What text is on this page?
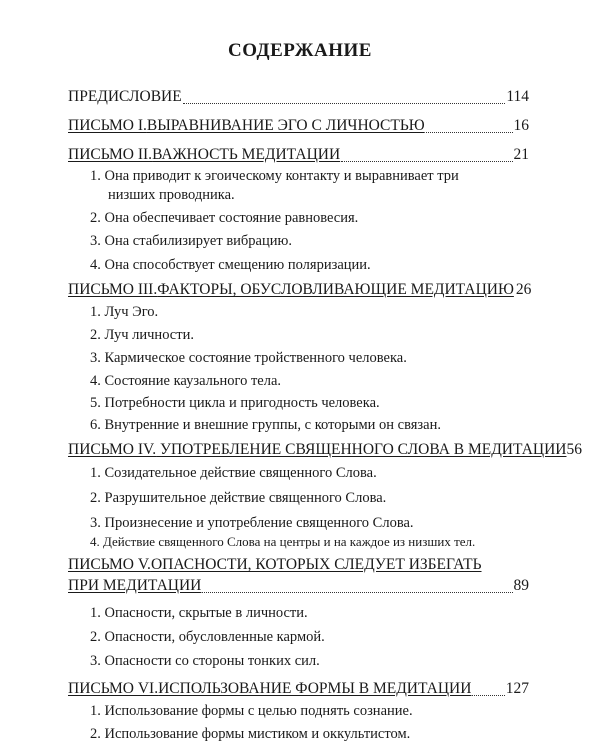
СОДЕРЖАНИЕ
ПРЕДИСЛОВИЕ	114
ПИСЬМО I. ВЫРАВНИВАНИЕ ЭГО С ЛИЧНОСТЬЮ	16
ПИСЬМО II. ВАЖНОСТЬ МЕДИТАЦИИ	21
1. Она приводит к эгоическому контакту и выравнивает три
низших проводника.
2. Она обеспечивает состояние равновесия.
3. Она стабилизирует вибрацию.
4. Она способствует смещению поляризации.
ПИСЬМО III. ФАКТОРЫ, ОБУСЛОВЛИВАЮЩИЕ МЕДИТАЦИЮ 26
1. Луч Эго.
2. Луч личности.
3. Кармическое состояние тройственного человека.
4. Состояние каузального тела.
5. Потребности цикла и пригодность человека.
6. Внутренние и внешние группы, с которыми он связан.
ПИСЬМО IV. УПОТРЕБЛЕНИЕ СВЯЩЕННОГО СЛОВА В МЕДИТАЦИИ 56
1. Созидательное действие священного Слова.
2. Разрушительное действие священного Слова.
3. Произнесение и употребление священного Слова.
4. Действие священного Слова на центры и на каждое из низших тел.
ПИСЬМО V. ОПАСНОСТИ, КОТОРЫХ СЛЕДУЕТ ИЗБЕГАТЬ
ПРИ МЕДИТАЦИИ	89
1. Опасности, скрытые в личности.
2. Опасности, обусловленные кармой.
3. Опасности со стороны тонких сил.
ПИСЬМО VI. ИСПОЛЬЗОВАНИЕ ФОРМЫ В МЕДИТАЦИИ 127
1. Использование формы с целью поднять сознание.
2. Использование формы мистиком и оккультистом.
